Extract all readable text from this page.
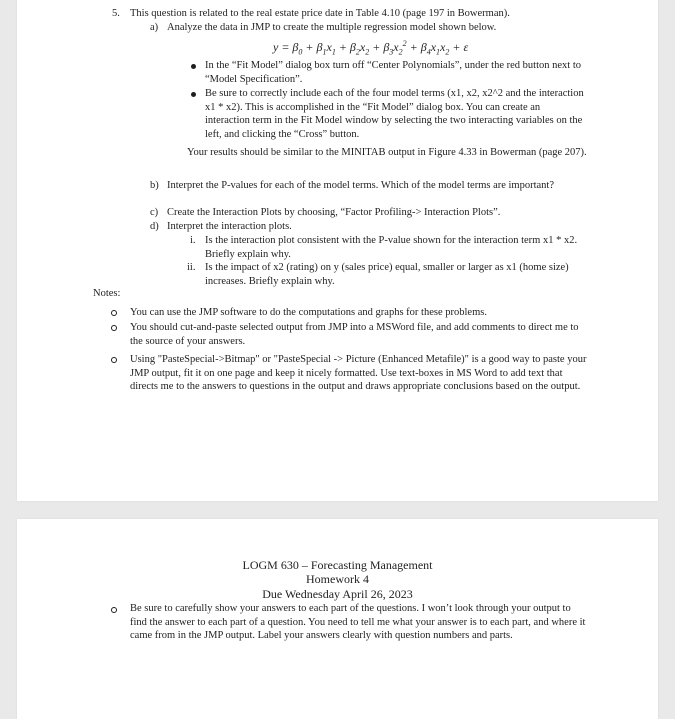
5. This question is related to the real estate price date in Table 4.10 (page 197 in Bowerman).
a) Analyze the data in JMP to create the multiple regression model shown below.
$y = \beta_0 + \beta_1x_1 + \beta_2x_2 + \beta_3x_2^2 + \beta_4x_1x_2 + \varepsilon$
In the “Fit Model” dialog box turn off “Center Polynomials”, under the red button next to “Model Specification”.
Be sure to correctly include each of the four model terms (x1, x2, x2^2 and the interaction x1 * x2). This is accomplished in the “Fit Model” dialog box. You can create an interaction term in the Fit Model window by selecting the two interacting variables on the left, and clicking the “Cross” button.
Your results should be similar to the MINITAB output in Figure 4.33 in Bowerman (page 207).
b) Interpret the P-values for each of the model terms. Which of the model terms are important?
c) Create the Interaction Plots by choosing, “Factor Profiling-> Interaction Plots”.
d) Interpret the interaction plots.
i. Is the interaction plot consistent with the P-value shown for the interaction term x1 * x2. Briefly explain why.
ii. Is the impact of x2 (rating) on y (sales price) equal, smaller or larger as x1 (home size) increases. Briefly explain why.
Notes:
You can use the JMP software to do the computations and graphs for these problems.
You should cut-and-paste selected output from JMP into a MSWord file, and add comments to direct me to the source of your answers.
Using "PasteSpecial->Bitmap" or "PasteSpecial -> Picture (Enhanced Metafile)" is a good way to paste your JMP output, fit it on one page and keep it nicely formatted. Use text-boxes in MS Word to add text that directs me to the answers to questions in the output and draws appropriate conclusions based on the output.
LOGM 630 – Forecasting Management
Homework 4
Due Wednesday April 26, 2023
Be sure to carefully show your answers to each part of the questions. I won’t look through your output to find the answer to each part of a question. You need to tell me what your answer is to each part, and where it came from in the JMP output. Label your answers clearly with question numbers and parts.
